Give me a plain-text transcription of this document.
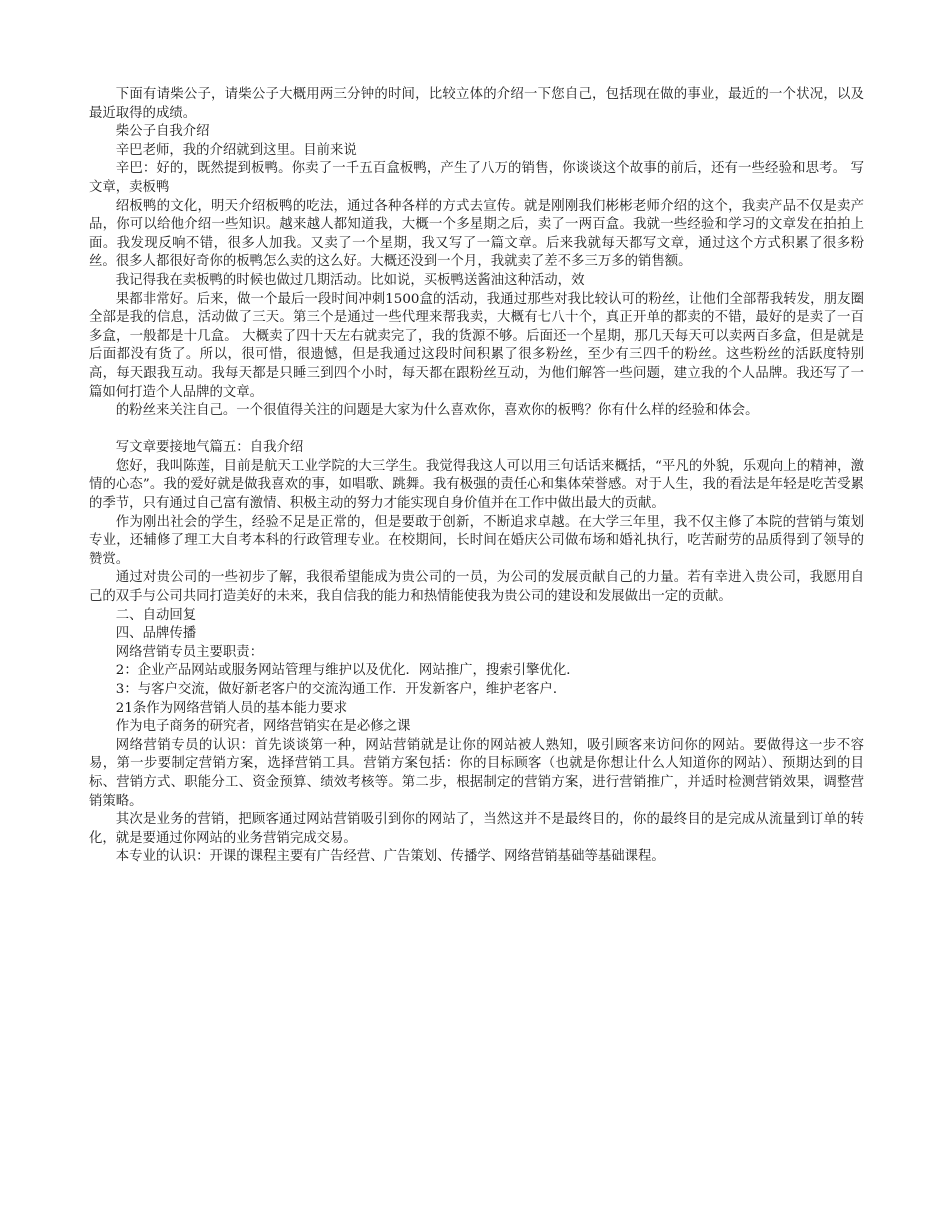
下面有请柴公子，请柴公子大概用两三分钟的时间，比较立体的介绍一下您自己，包括现在做的事业，最近的一个状况，以及最近取得的成绩。

柴公子自我介绍

辛巴老师，我的介绍就到这里。目前来说

辛巴：好的，既然提到板鸭。你卖了一千五百盒板鸭，产生了八万的销售，你谈谈这个故事的前后，还有一些经验和思考。 写文章，卖板鸭

绍板鸭的文化，明天介绍板鸭的吃法，通过各种各样的方式去宣传。就是刚刚我们彬彬老师介绍的这个，我卖产品不仅是卖产品，你可以给他介绍一些知识。越来越人都知道我，大概一个多星期之后，卖了一两百盒。我就一些经验和学习的文章发在拍拍上面。我发现反响不错，很多人加我。又卖了一个星期，我又写了一篇文章。后来我就每天都写文章，通过这个方式积累了很多粉丝。很多人都很好奇你的板鸭怎么卖的这么好。大概还没到一个月，我就卖了差不多三万多的销售额。

我记得我在卖板鸭的时候也做过几期活动。比如说，买板鸭送酱油这种活动，效

果都非常好。后来，做一个最后一段时间冲刺1500盒的活动，我通过那些对我比较认可的粉丝，让他们全部帮我转发，朋友圈全部是我的信息，活动做了三天。第三个是通过一些代理来帮我卖，大概有七八十个，真正开单的都卖的不错，最好的是卖了一百多盒，一般都是十几盒。 大概卖了四十天左右就卖完了，我的货源不够。后面还一个星期，那几天每天可以卖两百多盒，但是就是后面都没有货了。所以，很可惜，很遗憾，但是我通过这段时间积累了很多粉丝，至少有三四千的粉丝。这些粉丝的活跃度特别高，每天跟我互动。我每天都是只睡三到四个小时，每天都在跟粉丝互动，为他们解答一些问题，建立我的个人品牌。我还写了一篇如何打造个人品牌的文章。

的粉丝来关注自己。一个很值得关注的问题是大家为什么喜欢你，喜欢你的板鸭？你有什么样的经验和体会。

写文章要接地气篇五：自我介绍

您好，我叫陈莲，目前是航天工业学院的大三学生。我觉得我这人可以用三句话话来概括，“平凡的外貌，乐观向上的精神，激情的心态”。我的爱好就是做我喜欢的事，如唱歌、跳舞。我有极强的责任心和集体荣誉感。对于人生，我的看法是年轻是吃苦受累的季节，只有通过自己富有激情、积极主动的努力才能实现自身价值并在工作中做出最大的贡献。

作为刚出社会的学生，经验不足是正常的，但是要敢于创新，不断追求卓越。在大学三年里，我不仅主修了本院的营销与策划专业，还辅修了理工大自考本科的行政管理专业。在校期间，长时间在婚庆公司做布场和婚礼执行，吃苦耐劳的品质得到了领导的赞赏。

通过对贵公司的一些初步了解，我很希望能成为贵公司的一员，为公司的发展贡献自己的力量。若有幸进入贵公司，我愿用自己的双手与公司共同打造美好的未来，我自信我的能力和热情能使我为贵公司的建设和发展做出一定的贡献。

二、自动回复

四、品牌传播

网络营销专员主要职责：

2：企业产品网站或服务网站管理与维护以及优化．网站推广，搜索引擎优化．

3：与客户交流，做好新老客户的交流沟通工作．开发新客户，维护老客户．

21条作为网络营销人员的基本能力要求

作为电子商务的研究者，网络营销实在是必修之课

网络营销专员的认识：首先谈谈第一种，网站营销就是让你的网站被人熟知，吸引顾客来访问你的网站。要做得这一步不容易，第一步要制定营销方案，选择营销工具。营销方案包括：你的目标顾客（也就是你想让什么人知道你的网站）、预期达到的目标、营销方式、职能分工、资金预算、绩效考核等。第二步，根据制定的营销方案，进行营销推广，并适时检测营销效果，调整营销策略。

其次是业务的营销，把顾客通过网站营销吸引到你的网站了，当然这并不是最终目的，你的最终目的是完成从流量到订单的转化，就是要通过你网站的业务营销完成交易。

本专业的认识：开课的课程主要有广告经营、广告策划、传播学、网络营销基础等基础课程。
